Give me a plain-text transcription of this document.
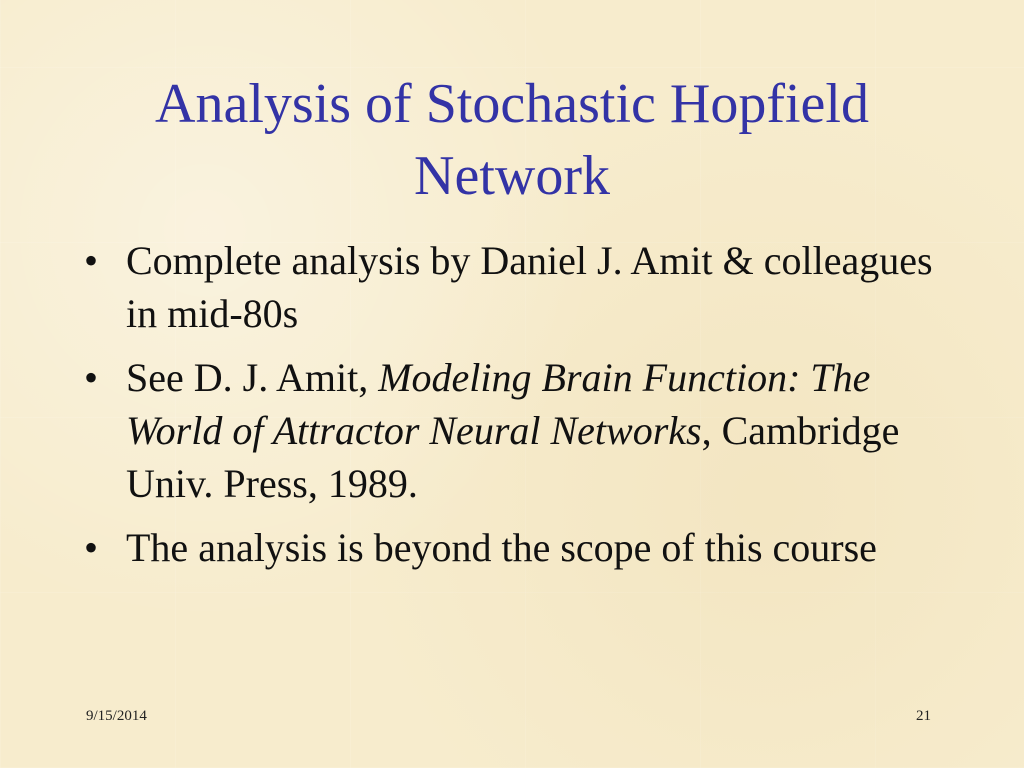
Analysis of Stochastic Hopfield
Network
• Complete analysis by Daniel J. Amit & colleagues in mid-80s
• See D. J. Amit, Modeling Brain Function: The World of Attractor Neural Networks, Cambridge Univ. Press, 1989.
• The analysis is beyond the scope of this course
9/15/2014	21
